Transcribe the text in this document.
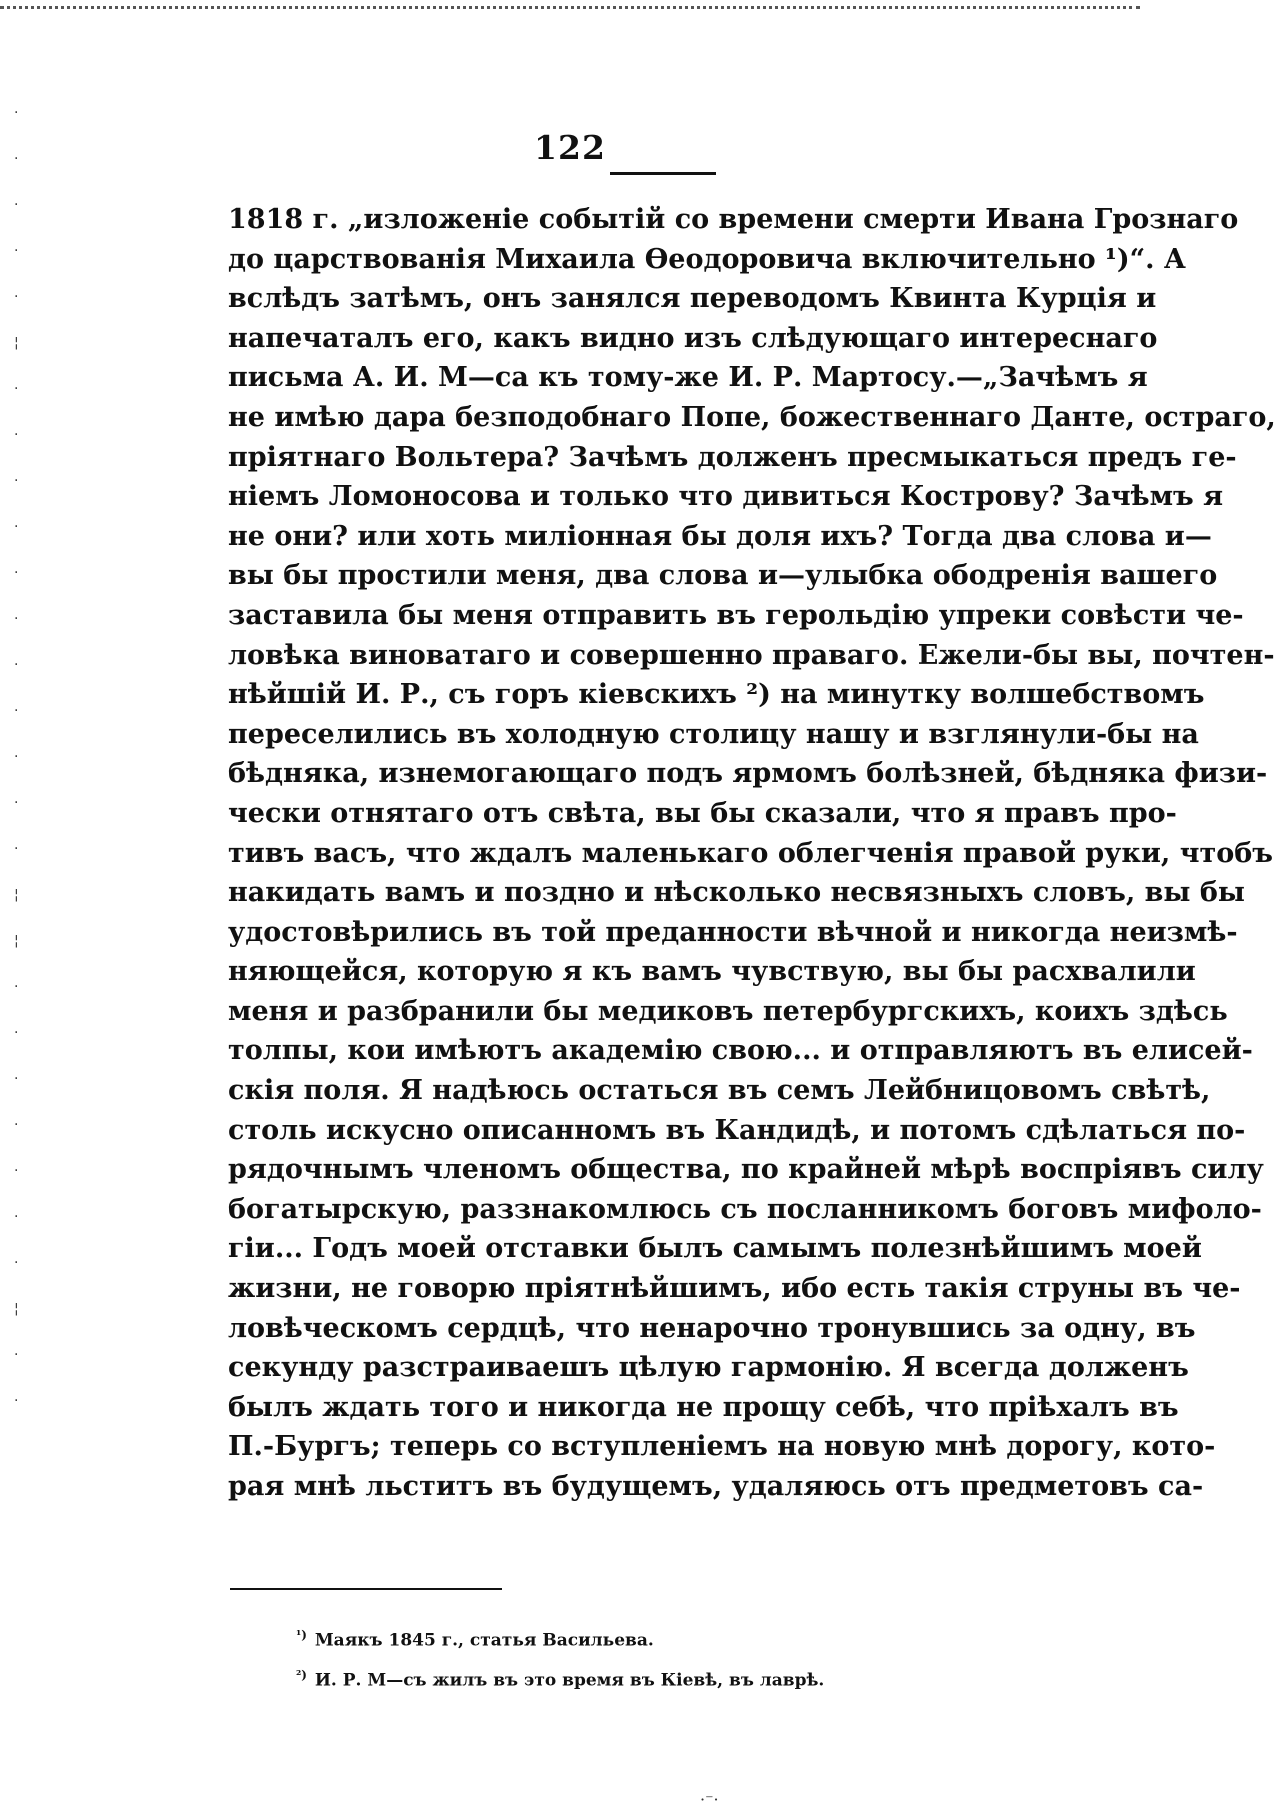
·
·
·
·
·
¦
·
·
·
·
·
·
·
·
·
·
·
¦
¦
·
·
·
·
·
·
·
¦
·
·
122
1818 г. „изложеніе событій со времени смерти Ивана Грознаго
до царствованія Михаила Өеодоровича включительно ¹)“. А
вслѣдъ затѣмъ, онъ занялся переводомъ Квинта Курція и
напечаталъ его, какъ видно изъ слѣдующаго интереснаго
письма А. И. М—са къ тому-же И. Р. Мартосу.—„Зачѣмъ я
не имѣю дара безподобнаго Попе, божественнаго Данте, остраго,
пріятнаго Вольтера? Зачѣмъ долженъ пресмыкаться предъ ге-
ніемъ Ломоносова и только что дивиться Кострову? Зачѣмъ я
не они? или хоть миліонная бы доля ихъ? Тогда два слова и—
вы бы простили меня, два слова и—улыбка ободренія вашего
заставила бы меня отправить въ герольдію упреки совѣсти че-
ловѣка виноватаго и совершенно праваго. Ежели-бы вы, почтен-
нѣйшій И. Р., съ горъ кіевскихъ ²) на минутку волшебствомъ
переселились въ холодную столицу нашу и взглянули-бы на
бѣдняка, изнемогающаго подъ ярмомъ болѣзней, бѣдняка физи-
чески отнятаго отъ свѣта, вы бы сказали, что я правъ про-
тивъ васъ, что ждалъ маленькаго облегченія правой руки, чтобъ
накидать вамъ и поздно и нѣсколько несвязныхъ словъ, вы бы
удостовѣрились въ той преданности вѣчной и никогда неизмѣ-
няющейся, которую я къ вамъ чувствую, вы бы расхвалили
меня и разбранили бы медиковъ петербургскихъ, коихъ здѣсь
толпы, кои имѣютъ академію свою... и отправляютъ въ елисей-
скія поля. Я надѣюсь остаться въ семъ Лейбницовомъ свѣтѣ,
столь искусно описанномъ въ Кандидѣ, и потомъ сдѣлаться по-
рядочнымъ членомъ общества, по крайней мѣрѣ воспріявъ силу
богатырскую, раззнакомлюсь съ посланникомъ боговъ мифоло-
гіи... Годъ моей отставки былъ самымъ полезнѣйшимъ моей
жизни, не говорю пріятнѣйшимъ, ибо есть такія струны въ че-
ловѣческомъ сердцѣ, что ненарочно тронувшись за одну, въ
секунду разстраиваешъ цѣлую гармонію. Я всегда долженъ
былъ ждать того и никогда не прощу себѣ, что пріѣхалъ въ
П.-Бургъ; теперь со вступленіемъ на новую мнѣ дорогу, кото-
рая мнѣ льститъ въ будущемъ, удаляюсь отъ предметовъ са-
$^{^1)}$ Маякъ 1845 г., статья Васильева.
$^{^2)}$ И. Р. М—съ жилъ въ это время въ Кіевѣ, въ лаврѣ.
·⁻·
